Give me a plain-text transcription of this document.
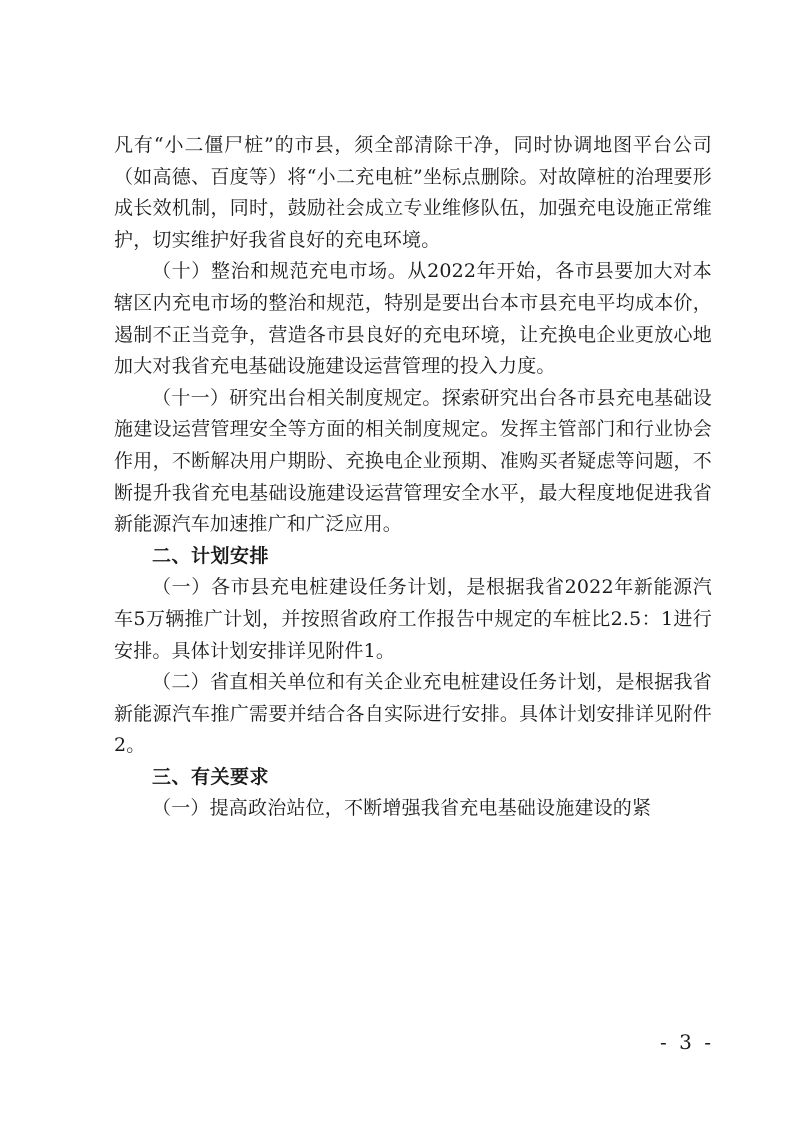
凡有“小二僵尸桩”的市县，须全部清除干净，同时协调地图平台公司（如高德、百度等）将“小二充电桩”坐标点删除。对故障桩的治理要形成长效机制，同时，鼓励社会成立专业维修队伍，加强充电设施正常维护，切实维护好我省良好的充电环境。

（十）整治和规范充电市场。从2022年开始，各市县要加大对本辖区内充电市场的整治和规范，特别是要出台本市县充电平均成本价，遏制不正当竞争，营造各市县良好的充电环境，让充换电企业更放心地加大对我省充电基础设施建设运营管理的投入力度。

（十一）研究出台相关制度规定。探索研究出台各市县充电基础设施建设运营管理安全等方面的相关制度规定。发挥主管部门和行业协会作用，不断解决用户期盼、充换电企业预期、准购买者疑虑等问题，不断提升我省充电基础设施建设运营管理安全水平，最大程度地促进我省新能源汽车加速推广和广泛应用。

二、计划安排

（一）各市县充电桩建设任务计划，是根据我省2022年新能源汽车5万辆推广计划，并按照省政府工作报告中规定的车桩比2.5：1进行安排。具体计划安排详见附件1。

（二）省直相关单位和有关企业充电桩建设任务计划，是根据我省新能源汽车推广需要并结合各自实际进行安排。具体计划安排详见附件2。

三、有关要求

（一）提高政治站位，不断增强我省充电基础设施建设的紧

- 3 -
